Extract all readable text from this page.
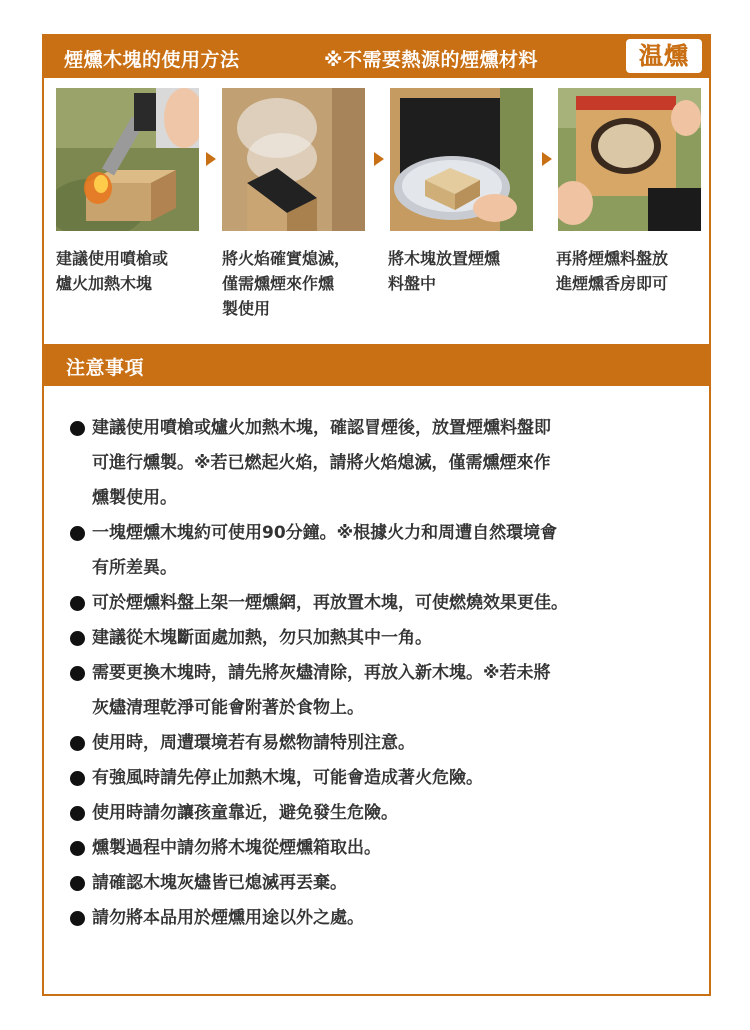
煙燻木塊的使用方法	※不需要熱源的煙燻材料	温燻
建議使用噴槍或
爐火加熱木塊
將火焰確實熄滅，
僅需燻煙來作燻
製使用
將木塊放置煙燻
料盤中
再將煙燻料盤放
進煙燻香房即可
注意事項
建議使用噴槍或爐火加熱木塊，確認冒煙後，放置煙燻料盤即
可進行燻製。※若已燃起火焰，請將火焰熄滅，僅需燻煙來作
燻製使用。
一塊煙燻木塊約可使用90分鐘。※根據火力和周遭自然環境會
有所差異。
可於煙燻料盤上架一煙燻網，再放置木塊，可使燃燒效果更佳。
建議從木塊斷面處加熱，勿只加熱其中一角。
需要更換木塊時，請先將灰燼清除，再放入新木塊。※若未將
灰燼清理乾淨可能會附著於食物上。
使用時，周遭環境若有易燃物請特別注意。
有強風時請先停止加熱木塊，可能會造成著火危險。
使用時請勿讓孩童靠近，避免發生危險。
燻製過程中請勿將木塊從煙燻箱取出。
請確認木塊灰燼皆已熄滅再丟棄。
請勿將本品用於煙燻用途以外之處。
